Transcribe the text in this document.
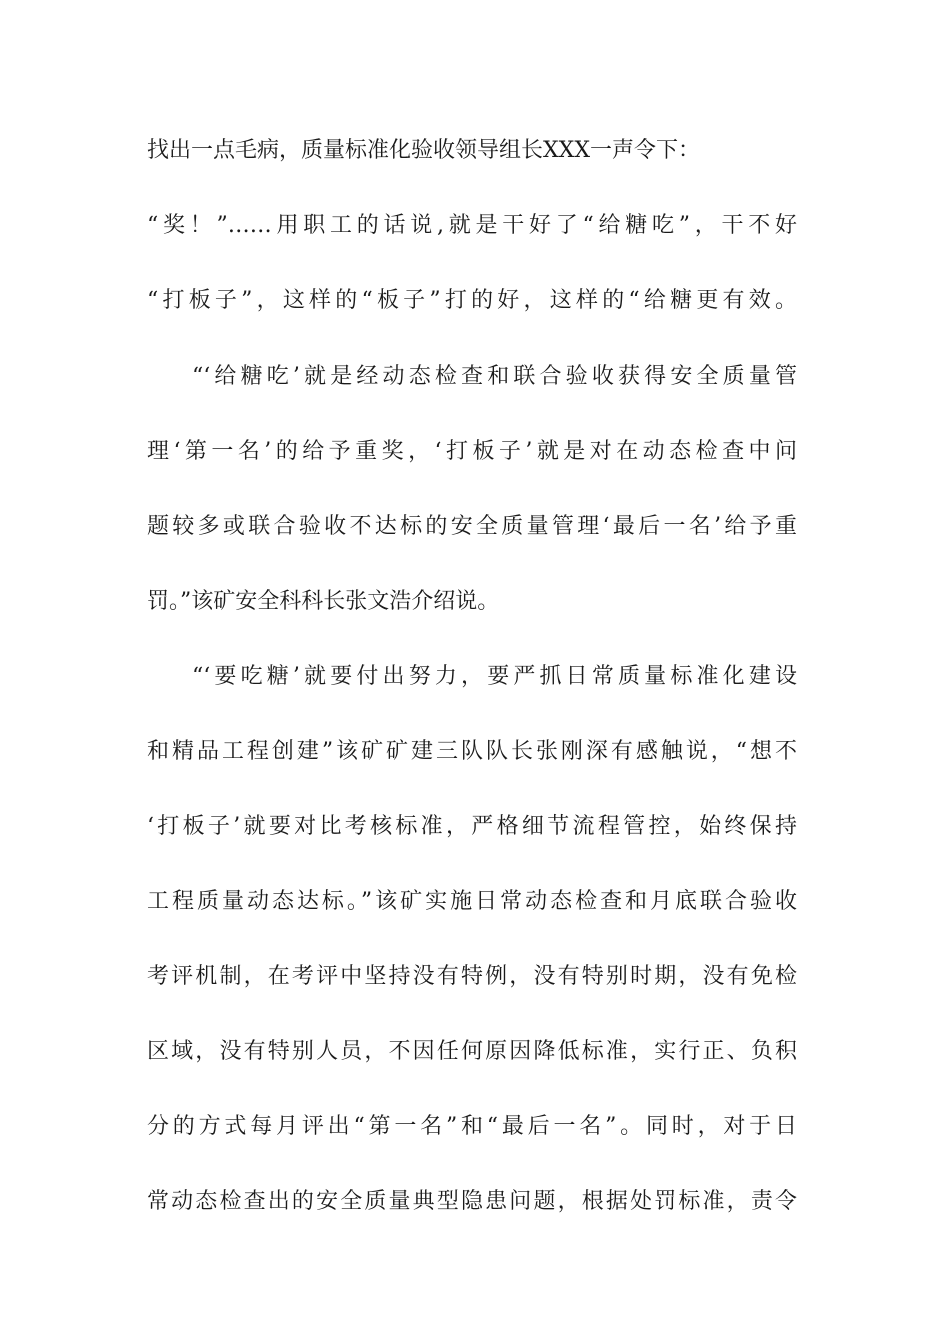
找出一点毛病，质量标准化验收领导组长XXX一声令下：
“奖！”……用职工的话说,就是干好了“给糖吃”，干不好
“打板子”，这样的“板子”打的好，这样的“给糖更有效。
“‘给糖吃’就是经动态检查和联合验收获得安全质量管
理‘第一名’的给予重奖，‘打板子’就是对在动态检查中问
题较多或联合验收不达标的安全质量管理‘最后一名’给予重
罚。”该矿安全科科长张文浩介绍说。
“‘要吃糖’就要付出努力，要严抓日常质量标准化建设
和精品工程创建”该矿矿建三队队长张刚深有感触说，“想不
‘打板子’就要对比考核标准，严格细节流程管控，始终保持
工程质量动态达标。”该矿实施日常动态检查和月底联合验收
考评机制，在考评中坚持没有特例，没有特别时期，没有免检
区域，没有特别人员，不因任何原因降低标准，实行正、负积
分的方式每月评出“第一名”和“最后一名”。同时，对于日
常动态检查出的安全质量典型隐患问题，根据处罚标准，责令
